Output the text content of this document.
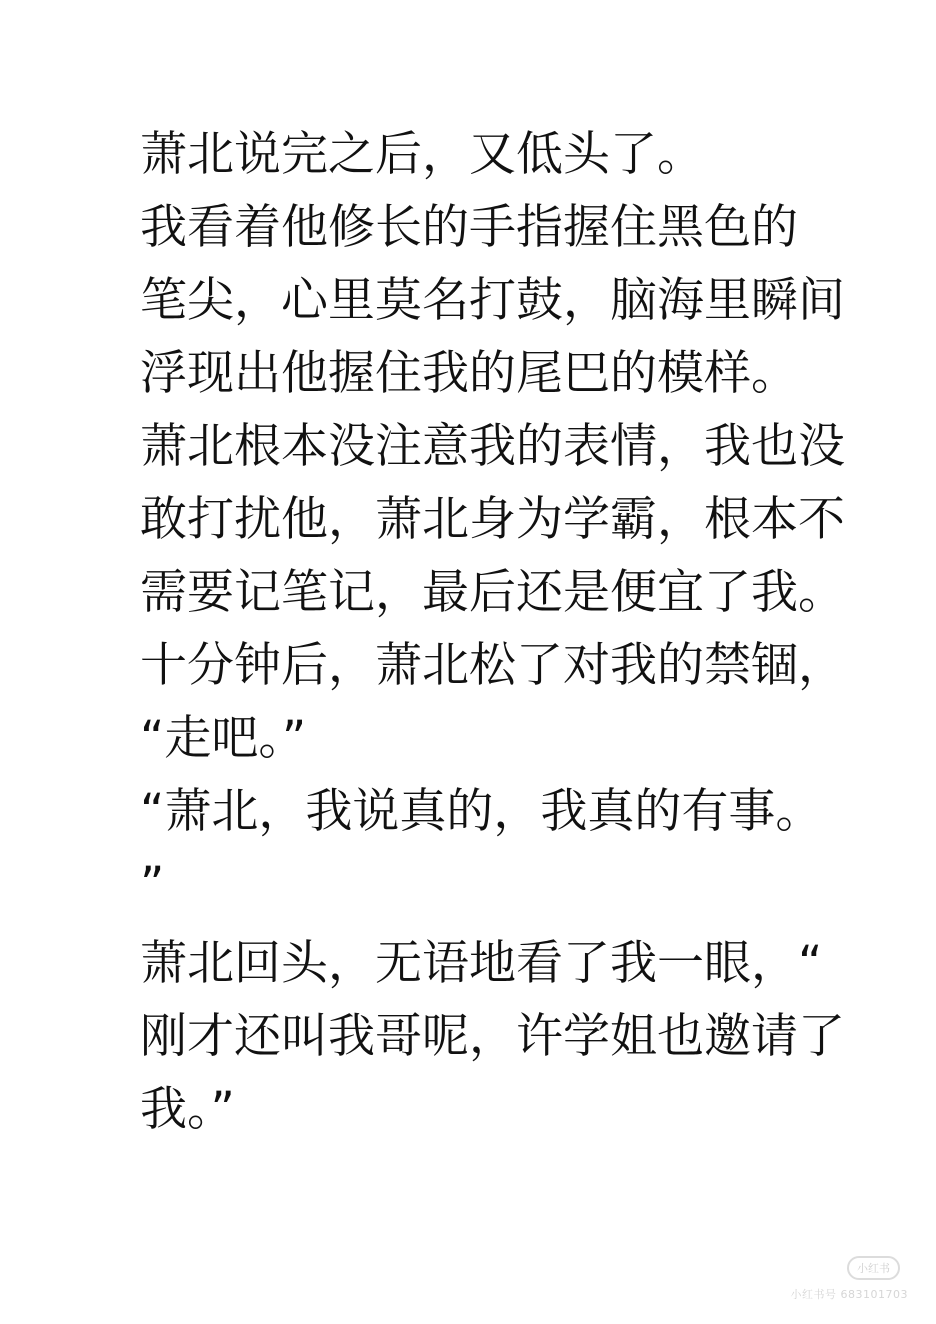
萧北说完之后，又低头了。
我看着他修长的手指握住黑色的
笔尖，心里莫名打鼓，脑海里瞬间
浮现出他握住我的尾巴的模样。
萧北根本没注意我的表情，我也没
敢打扰他，萧北身为学霸，根本不
需要记笔记，最后还是便宜了我。
十分钟后，萧北松了对我的禁锢，
“走吧。”
“萧北，我说真的，我真的有事。
”
萧北回头，无语地看了我一眼，“
刚才还叫我哥呢，许学姐也邀请了
我。”
小红书
小红书号 683101703
